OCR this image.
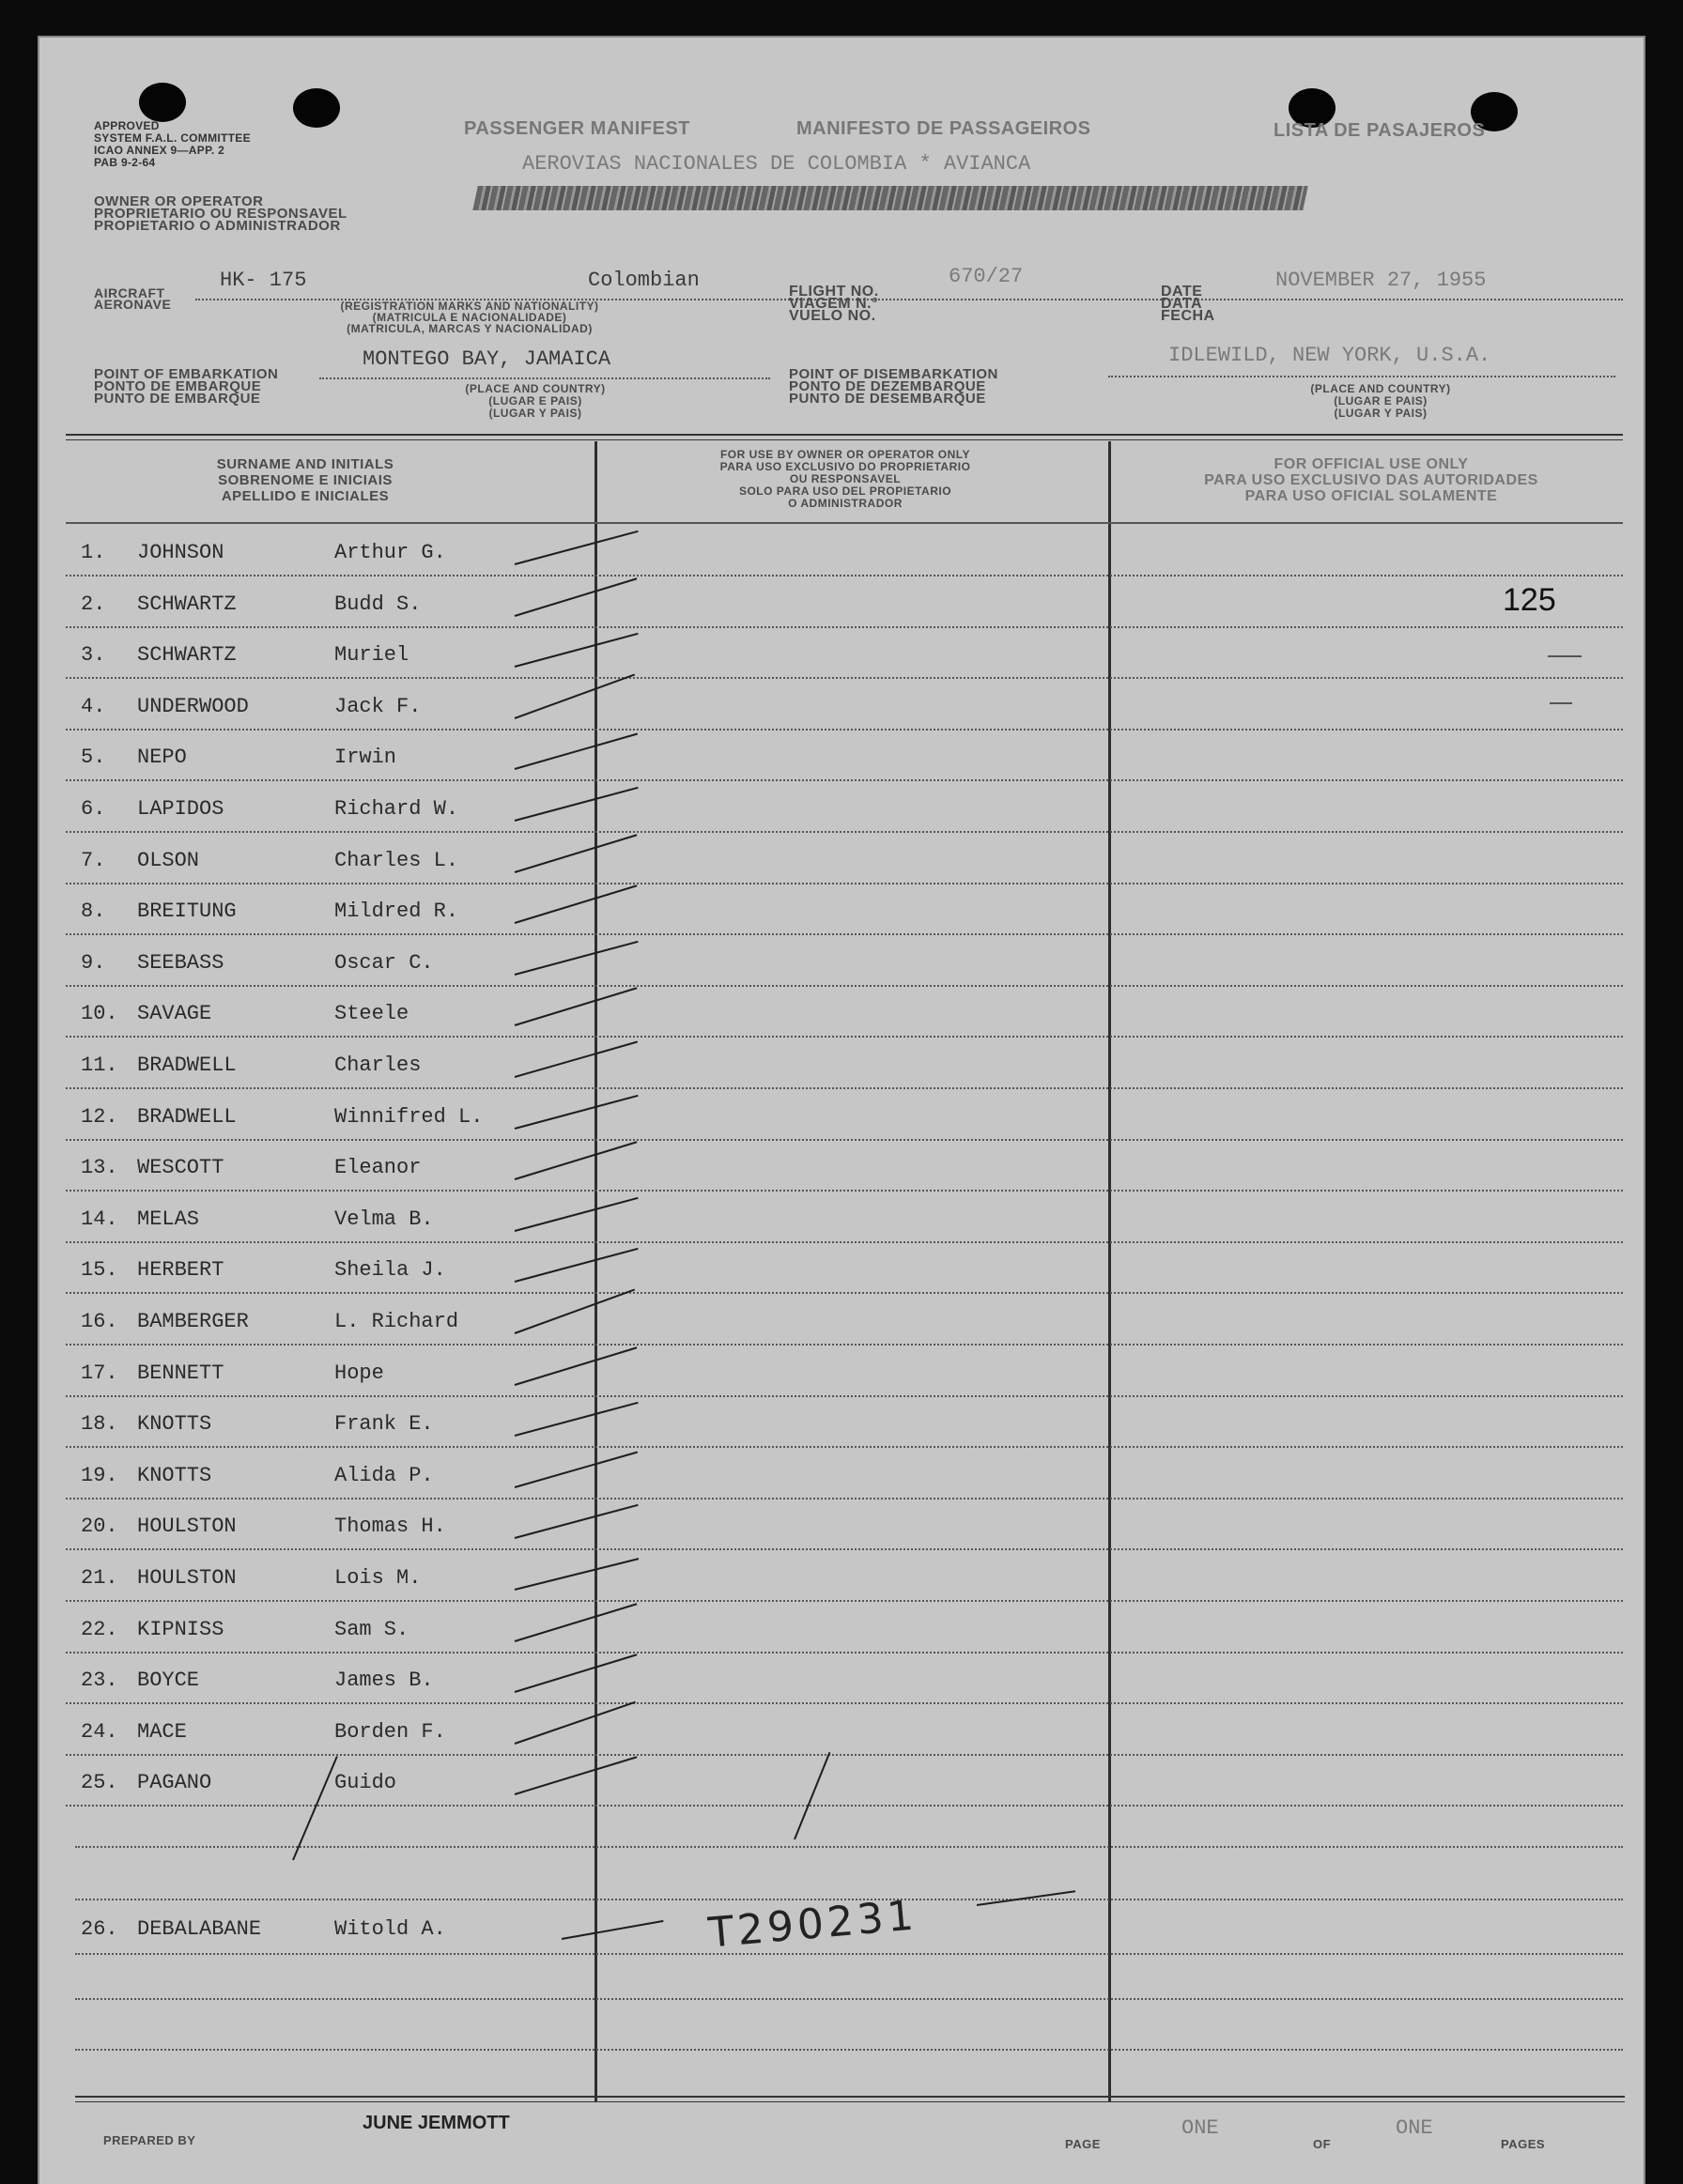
APPROVED
SYSTEM F.A.L. COMMITTEE
ICAO ANNEX 9—APP. 2
PAB 9-2-64
OWNER OR OPERATOR
PROPRIETARIO OU RESPONSAVEL
PROPIETARIO O ADMINISTRADOR
PASSENGER MANIFEST	MANIFESTO DE PASSAGEIROS	LISTA DE PASAJEROS
AEROVIAS NACIONALES DE COLOMBIA * AVIANCA
AIRCRAFT
AERONAVE
HK- 175	Colombian
(REGISTRATION MARKS AND NATIONALITY)
(MATRICULA E NACIONALIDADE)
(MATRICULA, MARCAS Y NACIONALIDAD)
FLIGHT NO.
VIAGEM N.°
VUELO NO.
670/27
DATE
DATA
FECHA
NOVEMBER 27, 1955
POINT OF EMBARKATION
PONTO DE EMBARQUE
PUNTO DE EMBARQUE
MONTEGO BAY, JAMAICA
(PLACE AND COUNTRY)
(LUGAR E PAIS)
(LUGAR Y PAIS)
POINT OF DISEMBARKATION
PONTO DE DEZEMBARQUE
PUNTO DE DESEMBARQUE
IDLEWILD, NEW YORK, U.S.A.
(PLACE AND COUNTRY)
(LUGAR E PAIS)
(LUGAR Y PAIS)
SURNAME AND INITIALS
SOBRENOME E INICIAIS
APELLIDO E INICIALES
FOR USE BY OWNER OR OPERATOR ONLY
PARA USO EXCLUSIVO DO PROPRIETARIO
OU RESPONSAVEL
SOLO PARA USO DEL PROPIETARIO
O ADMINISTRADOR
FOR OFFICIAL USE ONLY
PARA USO EXCLUSIVO DAS AUTORIDADES
PARA USO OFICIAL SOLAMENTE
1.	JOHNSON	Arthur G.
2.	SCHWARTZ	Budd S.
3.	SCHWARTZ	Muriel
4.	UNDERWOOD	Jack F.
5.	NEPO	Irwin
6.	LAPIDOS	Richard W.
7.	OLSON	Charles L.
8.	BREITUNG	Mildred R.
9.	SEEBASS	Oscar C.
10. SAVAGE	Steele
11. BRADWELL	Charles
12. BRADWELL	Winnifred L.
13. WESCOTT	Eleanor
14. MELAS	Velma B.
15. HERBERT	Sheila J.
16. BAMBERGER	L. Richard
17. BENNETT	Hope
18. KNOTTS	Frank E.
19. KNOTTS	Alida P.
20. HOULSTON	Thomas H.
21. HOULSTON	Lois M.
22. KIPNISS	Sam S.
23. BOYCE	James B.
24. MACE	Borden F.
25. PAGANO	Guido
125
26. DEBALABANE	Witold A.	T290231
PREPARED BY
JUNE JEMMOTT
PAGE
ONE
OF
ONE
PAGES
